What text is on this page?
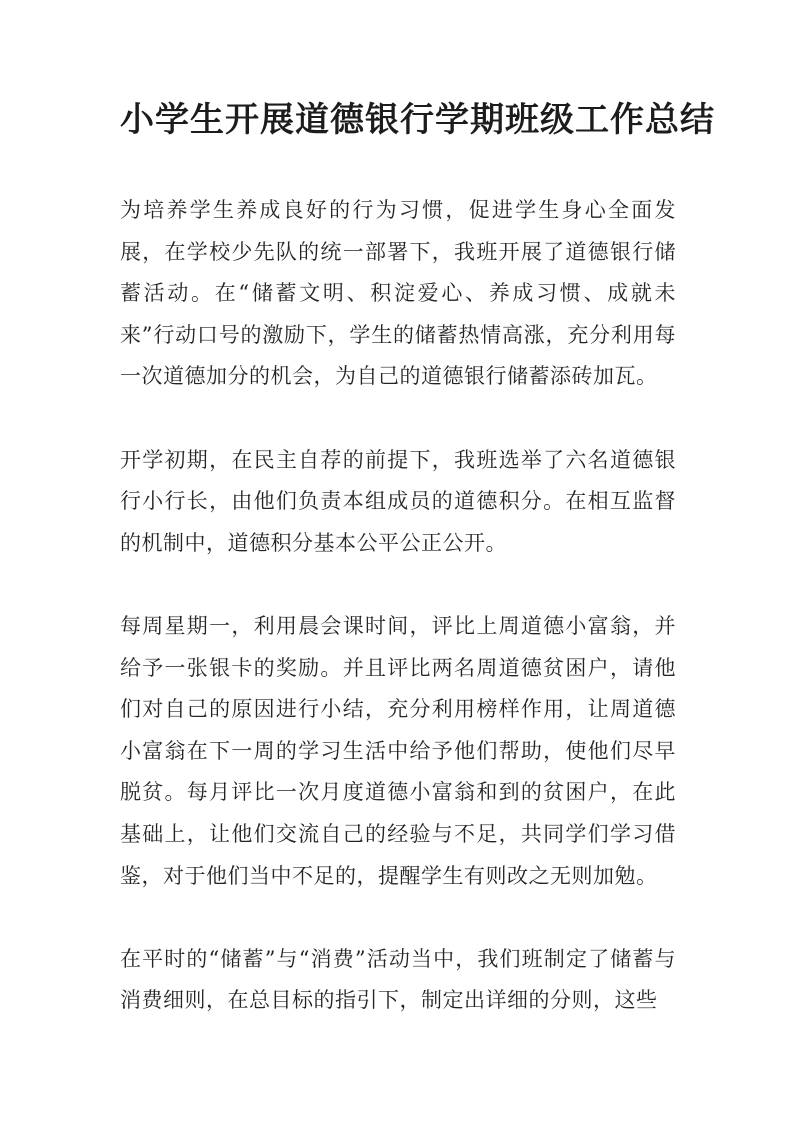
小学生开展道德银行学期班级工作总结

为培养学生养成良好的行为习惯，促进学生身心全面发展，在学校少先队的统一部署下，我班开展了道德银行储蓄活动。在“储蓄文明、积淀爱心、养成习惯、成就未来”行动口号的激励下，学生的储蓄热情高涨，充分利用每一次道德加分的机会，为自己的道德银行储蓄添砖加瓦。

开学初期，在民主自荐的前提下，我班选举了六名道德银行小行长，由他们负责本组成员的道德积分。在相互监督的机制中，道德积分基本公平公正公开。

每周星期一，利用晨会课时间，评比上周道德小富翁，并给予一张银卡的奖励。并且评比两名周道德贫困户，请他们对自己的原因进行小结，充分利用榜样作用，让周道德小富翁在下一周的学习生活中给予他们帮助，使他们尽早脱贫。每月评比一次月度道德小富翁和到的贫困户，在此基础上，让他们交流自己的经验与不足，共同学们学习借鉴，对于他们当中不足的，提醒学生有则改之无则加勉。

在平时的“储蓄”与“消费”活动当中，我们班制定了储蓄与消费细则，在总目标的指引下，制定出详细的分则，这些
